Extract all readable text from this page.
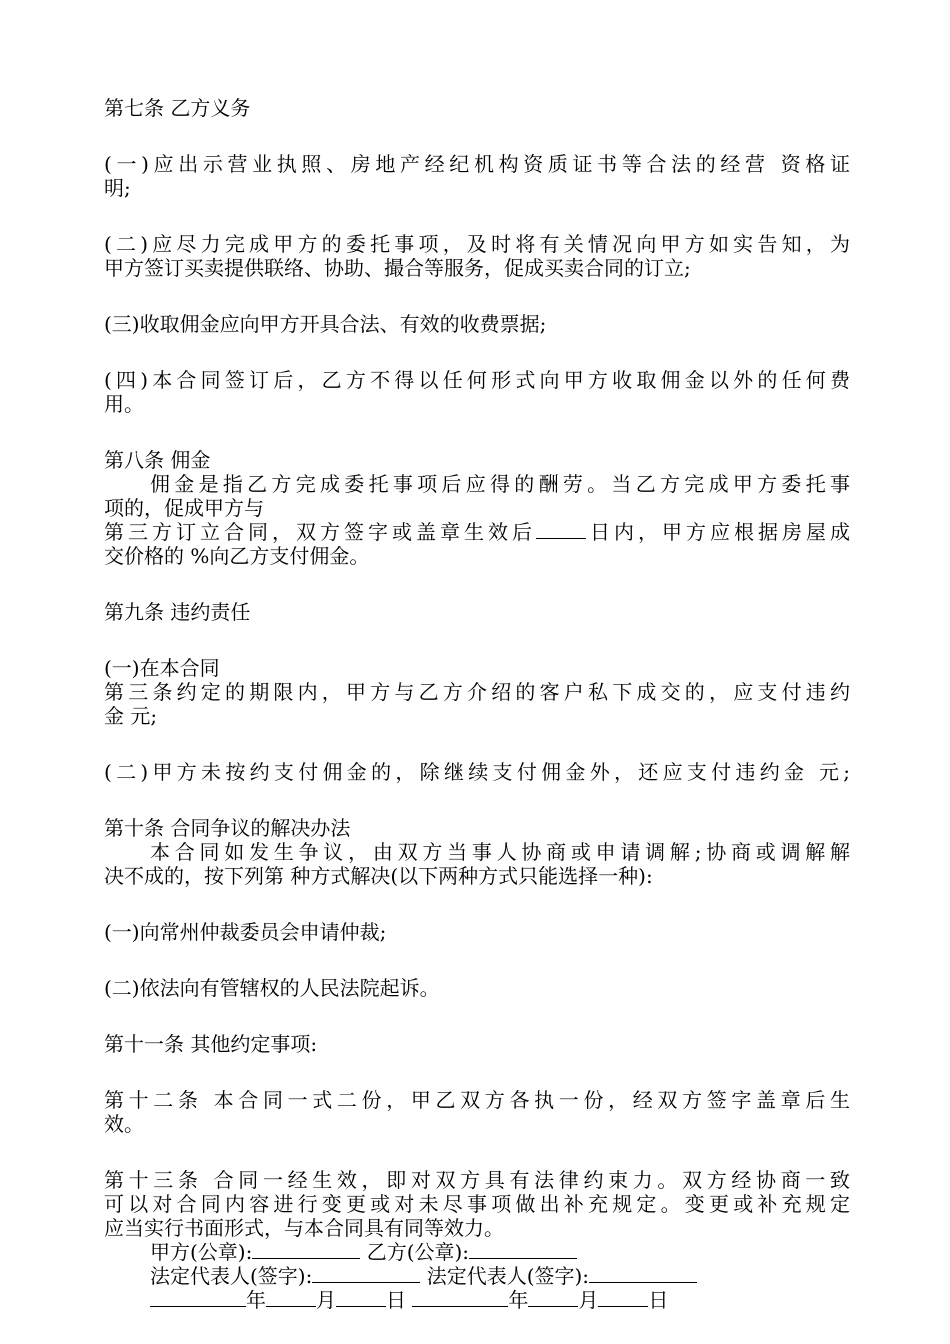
第七条 乙方义务
(一)应出示营业执照、房地产经纪机构资质证书等合法的经营 资格证
明;
(二)应尽力完成甲方的委托事项，及时将有关情况向甲方如实告知，为
甲方签订买卖提供联络、协助、撮合等服务，促成买卖合同的订立;
(三)收取佣金应向甲方开具合法、有效的收费票据;
(四)本合同签订后，乙方不得以任何形式向甲方收取佣金以外的任何费
用。
第八条 佣金
佣金是指乙方完成委托事项后应得的酬劳。当乙方完成甲方委托事
项的，促成甲方与
第三方订立合同，双方签字或盖章生效后	日内，甲方应根据房屋成
交价格的 %向乙方支付佣金。
第九条 违约责任
(一)在本合同
第三条约定的期限内，甲方与乙方介绍的客户私下成交的，应支付违约
金 元;
(二)甲方未按约支付佣金的，除继续支付佣金外，还应支付违约金 元;
第十条 合同争议的解决办法
本合同如发生争议，由双方当事人协商或申请调解;协商或调解解
决不成的，按下列第 种方式解决(以下两种方式只能选择一种):
(一)向常州仲裁委员会申请仲裁;
(二)依法向有管辖权的人民法院起诉。
第十一条 其他约定事项:
第十二条 本合同一式二份，甲乙双方各执一份，经双方签字盖章后生
效。
第十三条 合同一经生效，即对双方具有法律约束力。双方经协商一致
可以对合同内容进行变更或对未尽事项做出补充规定。变更或补充规定
应当实行书面形式，与本合同具有同等效力。
甲方(公章):	乙方(公章):
法定代表人(签字):	法定代表人(签字):
年	月	日	年	月	日
